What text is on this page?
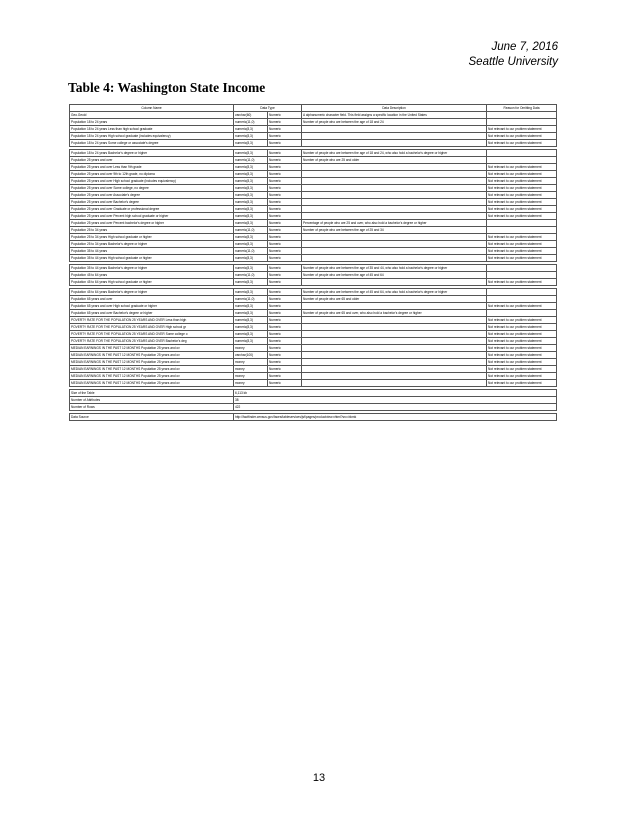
June 7, 2016
Seattle University
Table 4: Washington State Income
Column Name	Data Type		Data Description	Reason for Omitting Data
Geo.Geoid	varchar(60)	Numeric	A alphanumeric character field. This field assigns a specific location in the United States	
Population 18 to 24 years	numeric(11,0)	Numeric	Number of people who are between the age of 18 and 24	
Population 18 to 24 years Less than high school graduate	numeric(8,3)	Numeric		Not relevant to our problem statement
Population 18 to 24 years High school graduate (includes equivalency)	numeric(8,3)	Numeric		Not relevant to our problem statement
Population 18 to 24 years Some college or associate's degree	numeric(8,3)	Numeric		Not relevant to our problem statement

Population 18 to 24 years Bachelor's degree or higher	numeric(8,3)	Numeric	Number of people who are between the age of 18 and 24, who also hold a bachelor's degree or higher	
Population 25 years and over	numeric(11,0)	Numeric	Number of people who are 25 and older	
Population 25 years and over Less than 9th grade	numeric(8,3)	Numeric		Not relevant to our problem statement
Population 25 years and over 9th to 12th grade, no diploma	numeric(8,3)	Numeric		Not relevant to our problem statement
Population 25 years and over High school graduate (includes equivalency)	numeric(8,3)	Numeric		Not relevant to our problem statement
Population 25 years and over Some college, no degree	numeric(8,3)	Numeric		Not relevant to our problem statement
Population 25 years and over Associate's degree	numeric(8,3)	Numeric		Not relevant to our problem statement
Population 25 years and over Bachelor's degree	numeric(8,3)	Numeric		Not relevant to our problem statement
Population 25 years and over Graduate or professional degree	numeric(8,3)	Numeric		Not relevant to our problem statement
Population 25 years and over Percent high school graduate or higher	numeric(8,3)	Numeric		Not relevant to our problem statement
Population 25 years and over Percent bachelor's degree or higher	numeric(8,3)	Numeric	Percentage of people who are 25 and over, who also hold a bachelor's degree or higher	
Population 25 to 34 years	numeric(11,0)	Numeric	Number of people who are between the age of 25 and 34	
Population 25 to 34 years High school graduate or higher	numeric(8,3)	Numeric		Not relevant to our problem statement
Population 25 to 34 years Bachelor's degree or higher	numeric(8,3)	Numeric		Not relevant to our problem statement
Population 35 to 44 years	numeric(11,0)	Numeric		Not relevant to our problem statement
Population 35 to 44 years High school graduate or higher	numeric(8,3)	Numeric		Not relevant to our problem statement

Population 35 to 44 years Bachelor's degree or higher	numeric(8,3)	Numeric	Number of people who are between the age of 35 and 44, who also hold a bachelor's degree or higher	
Population 45 to 64 years	numeric(11,0)	Numeric	Number of people who are between the age of 45 and 64	
Population 45 to 64 years High school graduate or higher	numeric(8,3)	Numeric		Not relevant to our problem statement

Population 45 to 64 years Bachelor's degree or higher	numeric(8,3)	Numeric	Number of people who are between the age of 45 and 64, who also hold a bachelor's degree or higher	
Population 65 years and over	numeric(11,0)	Numeric	Number of people who are 65 and older	
Population 65 years and over High school graduate or higher	numeric(8,3)	Numeric		Not relevant to our problem statement
Population 65 years and over Bachelor's degree or higher	numeric(8,3)	Numeric	Number of people who are 65 and over, who also hold a bachelor's degree or higher	
POVERTY RATE FOR THE POPULATION 25 YEARS AND OVER Less than high	numeric(8,3)	Numeric		Not relevant to our problem statement
POVERTY RATE FOR THE POPULATION 25 YEARS AND OVER High school gr	numeric(8,3)	Numeric		Not relevant to our problem statement
POVERTY RATE FOR THE POPULATION 25 YEARS AND OVER Some college o	numeric(8,3)	Numeric		Not relevant to our problem statement
POVERTY RATE FOR THE POPULATION 25 YEARS AND OVER Bachelor's deg	numeric(8,3)	Numeric		Not relevant to our problem statement
MEDIAN EARNINGS IN THE PAST 12 MONTHS Population 25 years and ov	money	Numeric		Not relevant to our problem statement
MEDIAN EARNINGS IN THE PAST 12 MONTHS Population 25 years and ov	varchar(100)	Numeric		Not relevant to our problem statement
MEDIAN EARNINGS IN THE PAST 12 MONTHS Population 25 years and ov	money	Numeric		Not relevant to our problem statement
MEDIAN EARNINGS IN THE PAST 12 MONTHS Population 25 years and ov	money	Numeric		Not relevant to our problem statement
MEDIAN EARNINGS IN THE PAST 12 MONTHS Population 25 years and ov	money	Numeric		Not relevant to our problem statement
MEDIAN EARNINGS IN THE PAST 12 MONTHS Population 25 years and ov	money	Numeric		Not relevant to our problem statement

Size of the Table	6,113 kb			
Number of Attributes	38			
Number of Rows	422			

Data Source	http://factfinder.census.gov/faces/tableservices/jsf/pages/productview.xhtml?src=bkmk			
13
